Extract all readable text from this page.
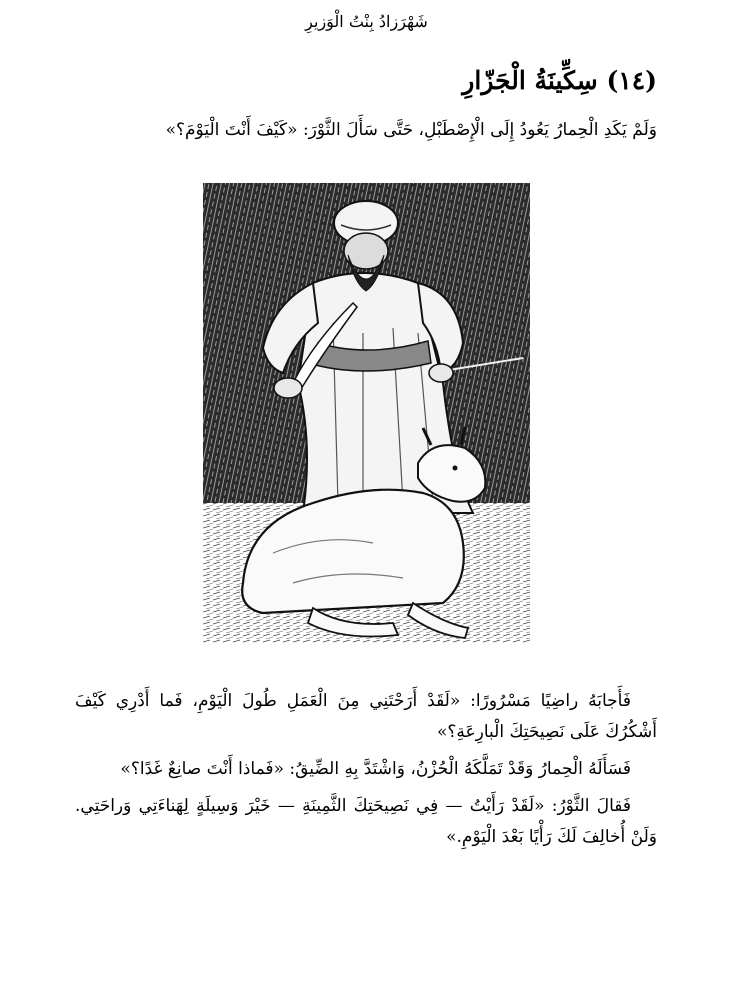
شَهْرَزادُ بِنْتُ الْوَزيرِ
(١٤) سِكِّينَةُ الْجَزّارِ
وَلَمْ يَكَدِ الْحِمارُ يَعُودُ إِلَى الْإِصْطَبْلِ، حَتَّى سَأَلَ الثَّوْرَ: «كَيْفَ أَنْتَ الْيَوْمَ؟»

فَأَجابَهُ راضِيًا مَسْرُورًا: «لَقَدْ أَرَحْتَنِي مِنَ الْعَمَلِ طُولَ الْيَوْمِ، فَما أَدْرِي كَيْفَ أَشْكُرُكَ عَلَى نَصِيحَتِكَ الْبارِعَةِ؟»

فَسَأَلَهُ الْحِمارُ وَقَدْ تَمَلَّكَهُ الْحُزْنُ، وَاشْتَدَّ بِهِ الضِّيقُ: «فَماذا أَنْتَ صانِعٌ غَدًا؟»

فَقالَ الثَّوْرُ: «لَقَدْ رَأَيْتُ — فِي نَصِيحَتِكَ الثَّمِينَةِ — خَيْرَ وَسِيلَةٍ لِهَناءَتِي وَراحَتِي. وَلَنْ أُخالِفَ لَكَ رَأْيًا بَعْدَ الْيَوْمِ.»
